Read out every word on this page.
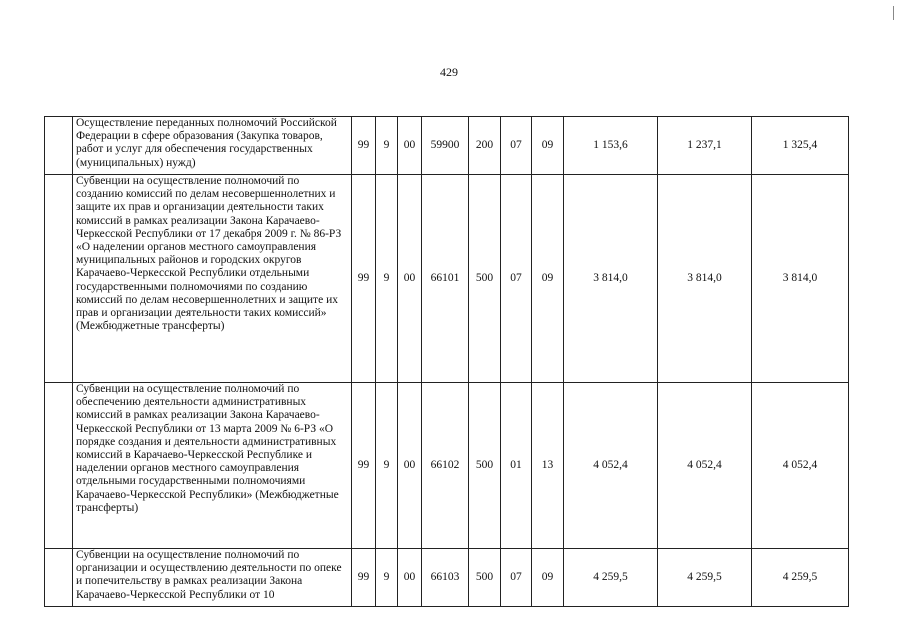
429
	Осуществление переданных полномочий Российской Федерации в сфере образования (Закупка товаров, работ и услуг для обеспечения государственных (муниципальных) нужд)	99	9	00	59900	200	07	09	1 153,6	1 237,1	1 325,4
	Субвенции на осуществление полномочий по созданию комиссий по делам несовершеннолетних и защите их прав и организации деятельности таких комиссий в рамках реализации Закона Карачаево-Черкесской Республики от 17 декабря 2009 г. № 86-РЗ «О наделении органов местного самоуправления муниципальных районов и городских округов Карачаево-Черкесской Республики отдельными государственными полномочиями по созданию комиссий по делам несовершеннолетних и защите их прав и организации деятельности таких комиссий» (Межбюджетные трансферты)	99	9	00	66101	500	07	09	3 814,0	3 814,0	3 814,0
	Субвенции на осуществление полномочий по обеспечению деятельности административных комиссий в рамках реализации Закона Карачаево-Черкесской Республики от 13 марта 2009 № 6-РЗ «О порядке создания и деятельности административных комиссий в Карачаево-Черкесской Республике и наделении органов местного самоуправления отдельными государственными полномочиями Карачаево-Черкесской Республики» (Межбюджетные трансферты)	99	9	00	66102	500	01	13	4 052,4	4 052,4	4 052,4
	Субвенции на осуществление полномочий по организации и осуществлению деятельности по опеке и попечительству в рамках реализации Закона Карачаево-Черкесской Республики от 10	99	9	00	66103	500	07	09	4 259,5	4 259,5	4 259,5
